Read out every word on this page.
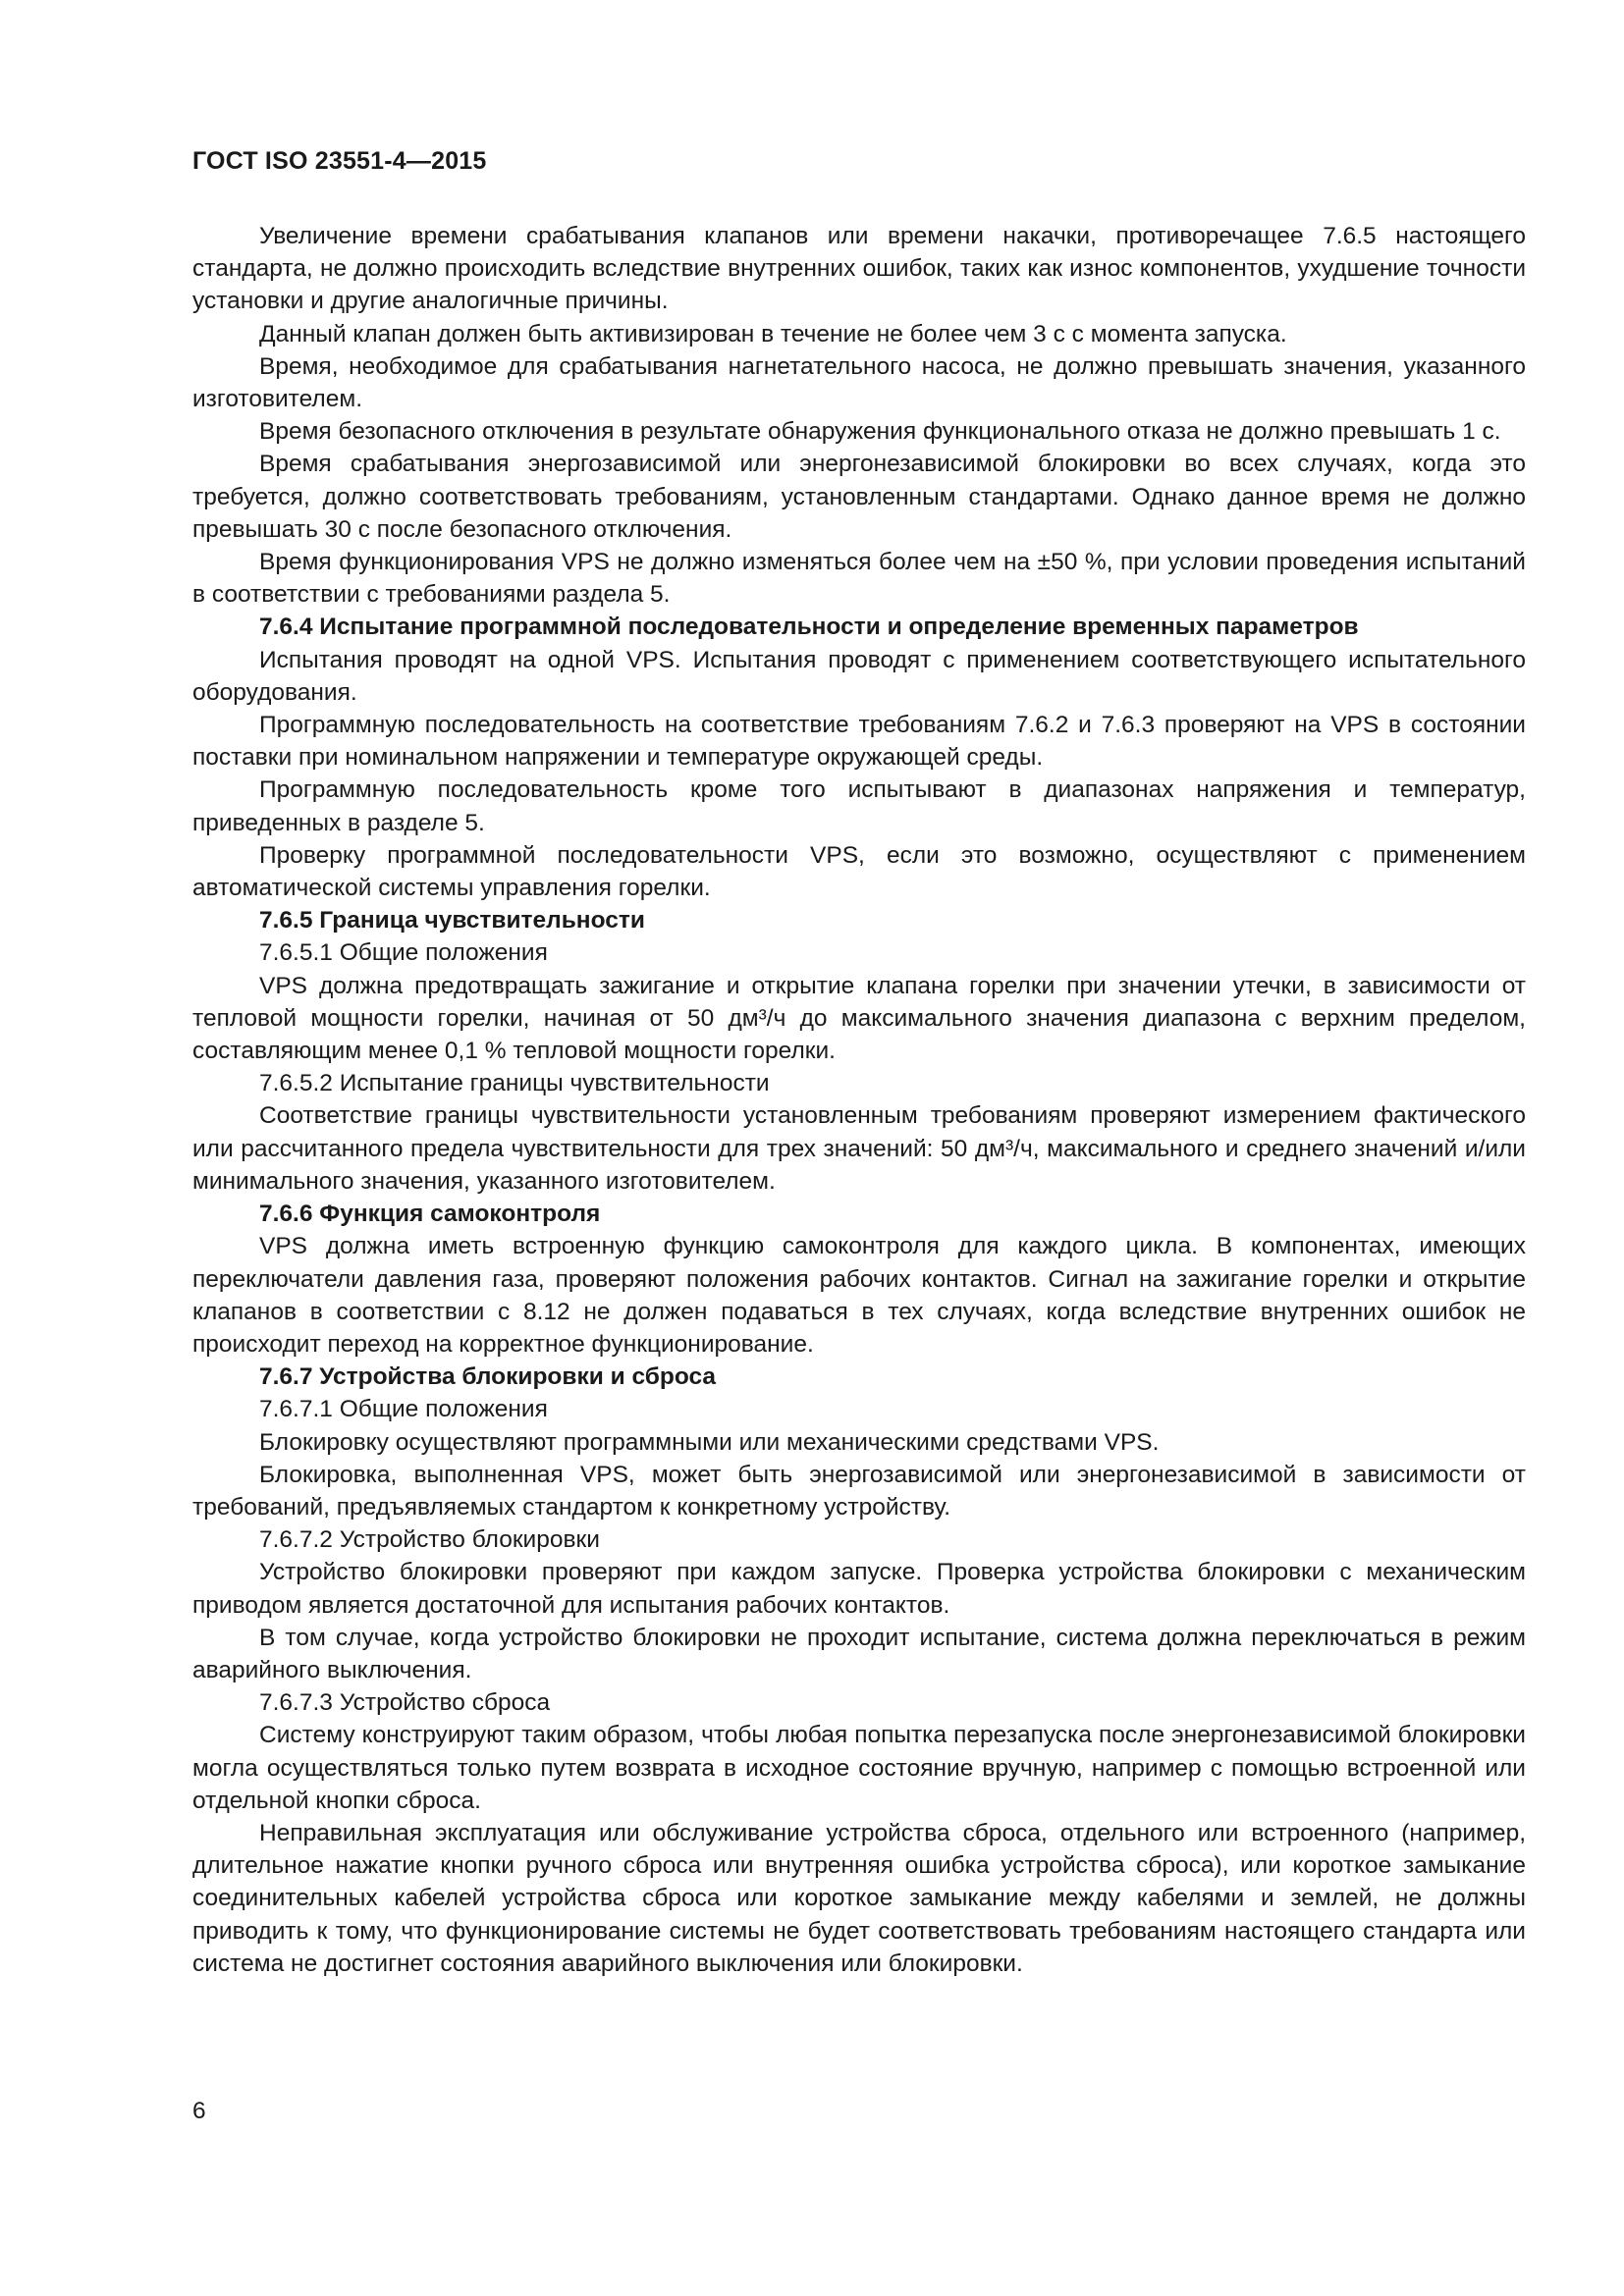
ГОСТ ISO 23551-4—2015

Увеличение времени срабатывания клапанов или времени накачки, противоречащее 7.6.5 настоящего стандарта, не должно происходить вследствие внутренних ошибок, таких как износ компонентов, ухудшение точности установки и другие аналогичные причины.

Данный клапан должен быть активизирован в течение не более чем 3 с с момента запуска.

Время, необходимое для срабатывания нагнетательного насоса, не должно превышать значения, указанного изготовителем.

Время безопасного отключения в результате обнаружения функционального отказа не должно превышать 1 с.

Время срабатывания энергозависимой или энергонезависимой блокировки во всех случаях, когда это требуется, должно соответствовать требованиям, установленным стандартами. Однако данное время не должно превышать 30 с после безопасного отключения.

Время функционирования VPS не должно изменяться более чем на ±50 %, при условии проведения испытаний в соответствии с требованиями раздела 5.

7.6.4 Испытание программной последовательности и определение временных параметров

Испытания проводят на одной VPS. Испытания проводят с применением соответствующего испытательного оборудования.

Программную последовательность на соответствие требованиям 7.6.2 и 7.6.3 проверяют на VPS в состоянии поставки при номинальном напряжении и температуре окружающей среды.

Программную последовательность кроме того испытывают в диапазонах напряжения и температур, приведенных в разделе 5.

Проверку программной последовательности VPS, если это возможно, осуществляют с применением автоматической системы управления горелки.

7.6.5 Граница чувствительности

7.6.5.1 Общие положения

VPS должна предотвращать зажигание и открытие клапана горелки при значении утечки, в зависимости от тепловой мощности горелки, начиная от 50 дм³/ч до максимального значения диапазона с верхним пределом, составляющим менее 0,1 % тепловой мощности горелки.

7.6.5.2 Испытание границы чувствительности

Соответствие границы чувствительности установленным требованиям проверяют измерением фактического или рассчитанного предела чувствительности для трех значений: 50 дм³/ч, максимального и среднего значений и/или минимального значения, указанного изготовителем.

7.6.6 Функция самоконтроля

VPS должна иметь встроенную функцию самоконтроля для каждого цикла. В компонентах, имеющих переключатели давления газа, проверяют положения рабочих контактов. Сигнал на зажигание горелки и открытие клапанов в соответствии с 8.12 не должен подаваться в тех случаях, когда вследствие внутренних ошибок не происходит переход на корректное функционирование.

7.6.7 Устройства блокировки и сброса

7.6.7.1 Общие положения

Блокировку осуществляют программными или механическими средствами VPS.

Блокировка, выполненная VPS, может быть энергозависимой или энергонезависимой в зависимости от требований, предъявляемых стандартом к конкретному устройству.

7.6.7.2 Устройство блокировки

Устройство блокировки проверяют при каждом запуске. Проверка устройства блокировки с механическим приводом является достаточной для испытания рабочих контактов.

В том случае, когда устройство блокировки не проходит испытание, система должна переключаться в режим аварийного выключения.

7.6.7.3 Устройство сброса

Систему конструируют таким образом, чтобы любая попытка перезапуска после энергонезависимой блокировки могла осуществляться только путем возврата в исходное состояние вручную, например с помощью встроенной или отдельной кнопки сброса.

Неправильная эксплуатация или обслуживание устройства сброса, отдельного или встроенного (например, длительное нажатие кнопки ручного сброса или внутренняя ошибка устройства сброса), или короткое замыкание соединительных кабелей устройства сброса или короткое замыкание между кабелями и землей, не должны приводить к тому, что функционирование системы не будет соответствовать требованиям настоящего стандарта или система не достигнет состояния аварийного выключения или блокировки.

6
